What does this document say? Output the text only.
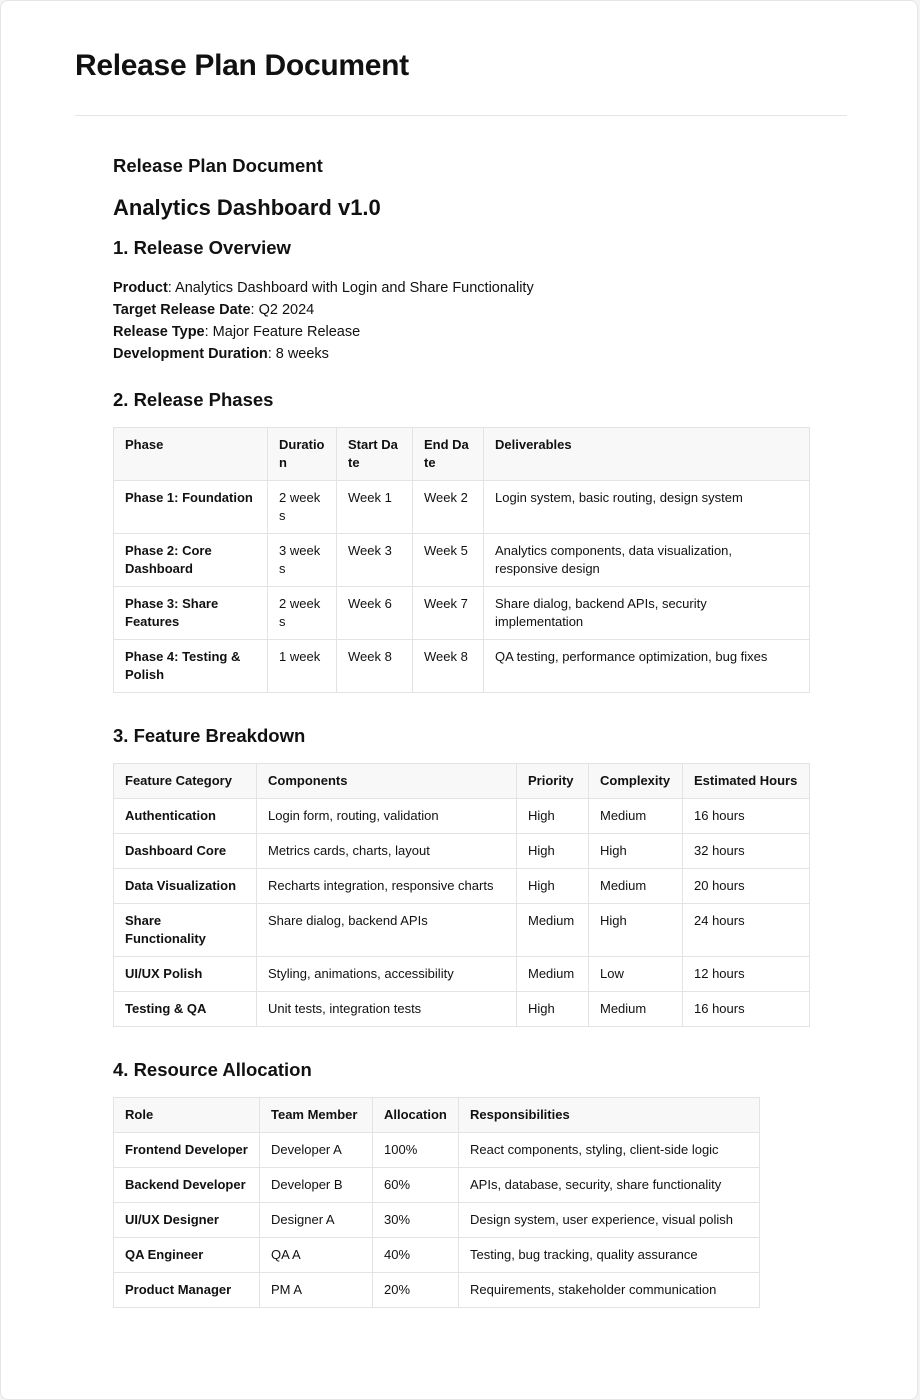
Release Plan Document
Release Plan Document
Analytics Dashboard v1.0
1. Release Overview

Product: Analytics Dashboard with Login and Share Functionality

Target Release Date: Q2 2024

Release Type: Major Feature Release

Development Duration: 8 weeks

2. Release Phases
Phase	Duration	Start Date	End Date	Deliverables
Phase 1: Foundation	2 weeks	Week 1	Week 2	Login system, basic routing, design system
Phase 2: Core Dashboard	3 weeks	Week 3	Week 5	Analytics components, data visualization, responsive design
Phase 3: Share Features	2 weeks	Week 6	Week 7	Share dialog, backend APIs, security implementation
Phase 4: Testing & Polish	1 week	Week 8	Week 8	QA testing, performance optimization, bug fixes
3. Feature Breakdown
Feature Category	Components	Priority	Complexity	Estimated Hours
Authentication	Login form, routing, validation	High	Medium	16 hours
Dashboard Core	Metrics cards, charts, layout	High	High	32 hours
Data Visualization	Recharts integration, responsive charts	High	Medium	20 hours
Share Functionality	Share dialog, backend APIs	Medium	High	24 hours
UI/UX Polish	Styling, animations, accessibility	Medium	Low	12 hours
Testing & QA	Unit tests, integration tests	High	Medium	16 hours
4. Resource Allocation
Role	Team Member	Allocation	Responsibilities
Frontend Developer	Developer A	100%	React components, styling, client-side logic
Backend Developer	Developer B	60%	APIs, database, security, share functionality
UI/UX Designer	Designer A	30%	Design system, user experience, visual polish
QA Engineer	QA A	40%	Testing, bug tracking, quality assurance
Product Manager	PM A	20%	Requirements, stakeholder communication
